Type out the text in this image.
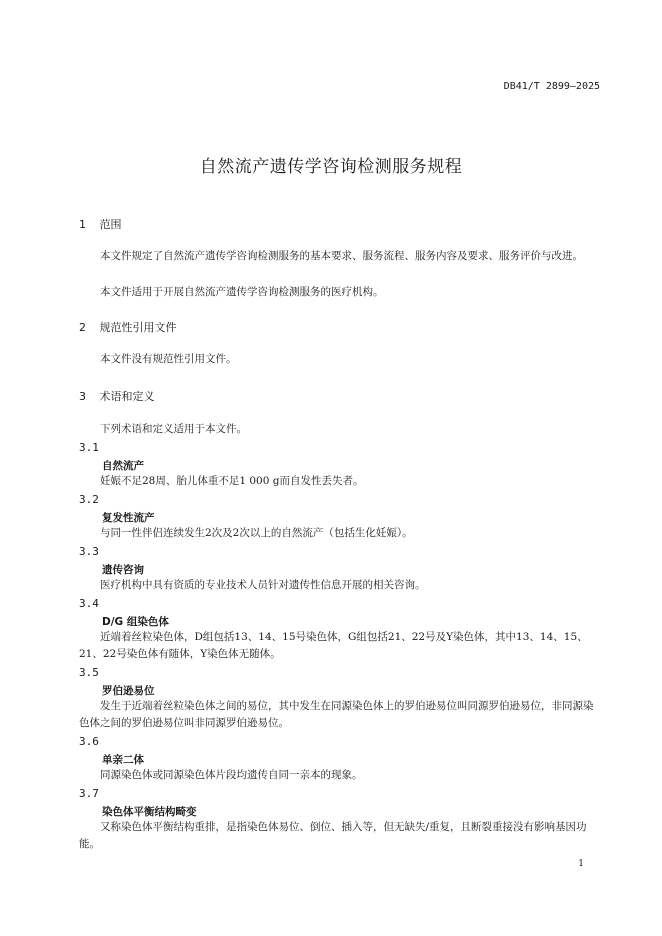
DB41/T 2899—2025
自然流产遗传学咨询检测服务规程
1 范围
本文件规定了自然流产遗传学咨询检测服务的基本要求、服务流程、服务内容及要求、服务评价与改进。
本文件适用于开展自然流产遗传学咨询检测服务的医疗机构。
2 规范性引用文件
本文件没有规范性引用文件。
3 术语和定义
下列术语和定义适用于本文件。
3.1
自然流产
妊娠不足28周、胎儿体重不足1 000 g而自发性丢失者。
3.2
复发性流产
与同一性伴侣连续发生2次及2次以上的自然流产（包括生化妊娠）。
3.3
遗传咨询
医疗机构中具有资质的专业技术人员针对遗传性信息开展的相关咨询。
3.4
D/G 组染色体
近端着丝粒染色体，D组包括13、14、15号染色体，G组包括21、22号及Y染色体，其中13、14、15、21、22号染色体有随体，Y染色体无随体。
3.5
罗伯逊易位
发生于近端着丝粒染色体之间的易位，其中发生在同源染色体上的罗伯逊易位叫同源罗伯逊易位，非同源染色体之间的罗伯逊易位叫非同源罗伯逊易位。
3.6
单亲二体
同源染色体或同源染色体片段均遗传自同一亲本的现象。
3.7
染色体平衡结构畸变
又称染色体平衡结构重排，是指染色体易位、倒位、插入等，但无缺失/重复，且断裂重接没有影响基因功能。
1
